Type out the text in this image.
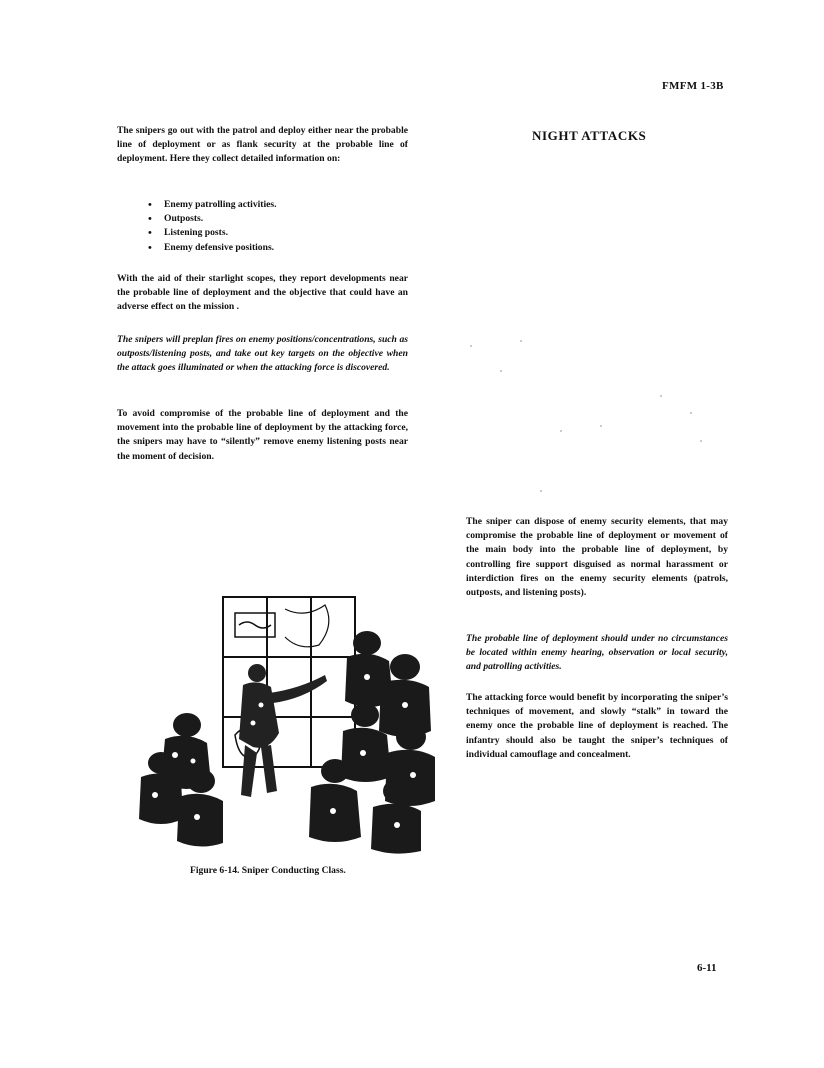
FMFM 1-3B

The snipers go out with the patrol and deploy either near the probable line of deployment or as flank security at the probable line of deployment. Here they collect detailed information on:

• Enemy patrolling activities.
• Outposts.
• Listening posts.
• Enemy defensive positions.

With the aid of their starlight scopes, they report developments near the probable line of deployment and the objective that could have an adverse effect on the mission .

The snipers will preplan fires on enemy positions/concentrations, such as outposts/listening posts, and take out key targets on the objective when the attack goes illuminated or when the attacking force is discovered.

To avoid compromise of the probable line of deployment and the movement into the probable line of deployment by the attacking force, the snipers may have to “silently” remove enemy listening posts near the moment of decision.

NIGHT ATTACKS

The sniper can dispose of enemy security elements, that may compromise the probable line of deployment or movement of the main body into the probable line of deployment, by controlling fire support disguised as normal harassment or interdiction fires on the enemy security elements (patrols, outposts, and listening posts).

The probable line of deployment should under no circumstances be located within enemy hearing, observation or local security, and patrolling activities.

The attacking force would benefit by incorporating the sniper’s techniques of movement, and slowly “stalk” in toward the enemy once the probable line of deployment is reached. The infantry should also be taught the sniper’s techniques of individual camouflage and concealment.

Figure 6-14. Sniper Conducting Class.
6-11
